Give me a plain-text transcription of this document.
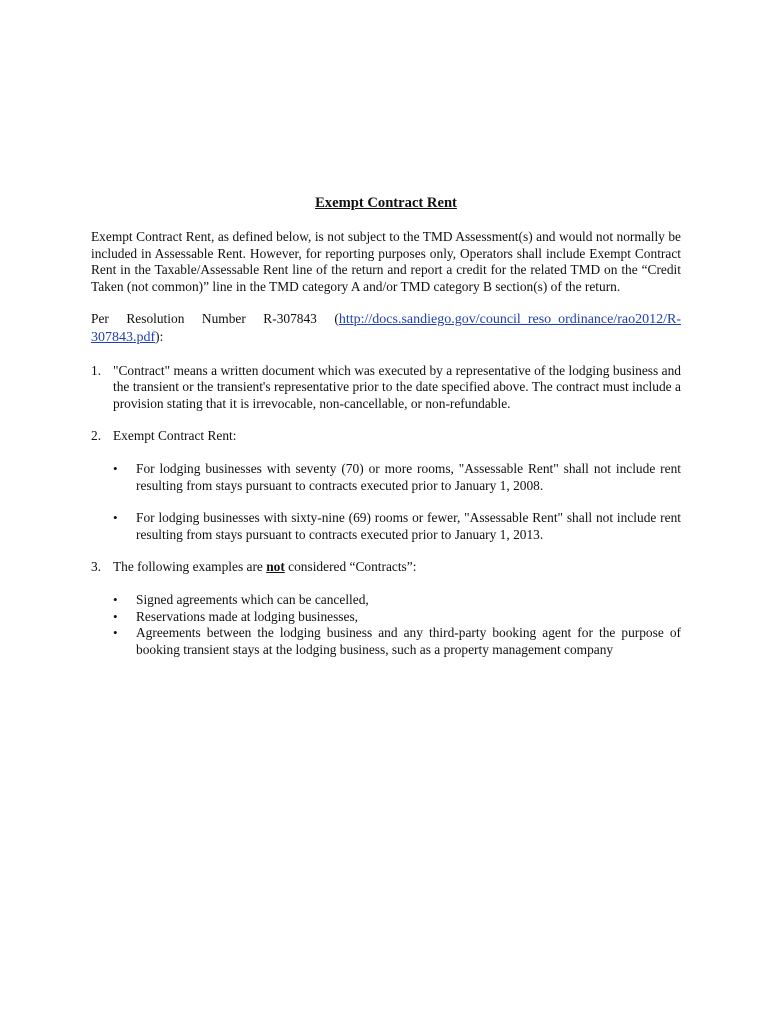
Exempt Contract Rent

Exempt Contract Rent, as defined below, is not subject to the TMD Assessment(s) and would not normally be included in Assessable Rent. However, for reporting purposes only, Operators shall include Exempt Contract Rent in the Taxable/Assessable Rent line of the return and report a credit for the related TMD on the “Credit Taken (not common)” line in the TMD category A and/or TMD category B section(s) of the return.

Per Resolution Number R-307843 (http://docs.sandiego.gov/council_reso_ordinance/rao2012/R-307843.pdf):

1. "Contract" means a written document which was executed by a representative of the lodging business and the transient or the transient's representative prior to the date specified above. The contract must include a provision stating that it is irrevocable, non-cancellable, or non-refundable.

2. Exempt Contract Rent:

•	For lodging businesses with seventy (70) or more rooms, "Assessable Rent" shall not include rent resulting from stays pursuant to contracts executed prior to January 1, 2008.
•	For lodging businesses with sixty-nine (69) rooms or fewer, "Assessable Rent" shall not include rent resulting from stays pursuant to contracts executed prior to January 1, 2013.
3. The following examples are not considered “Contracts”:

•	Signed agreements which can be cancelled,
•	Reservations made at lodging businesses,
•	Agreements between the lodging business and any third-party booking agent for the purpose of booking transient stays at the lodging business, such as a property management company
